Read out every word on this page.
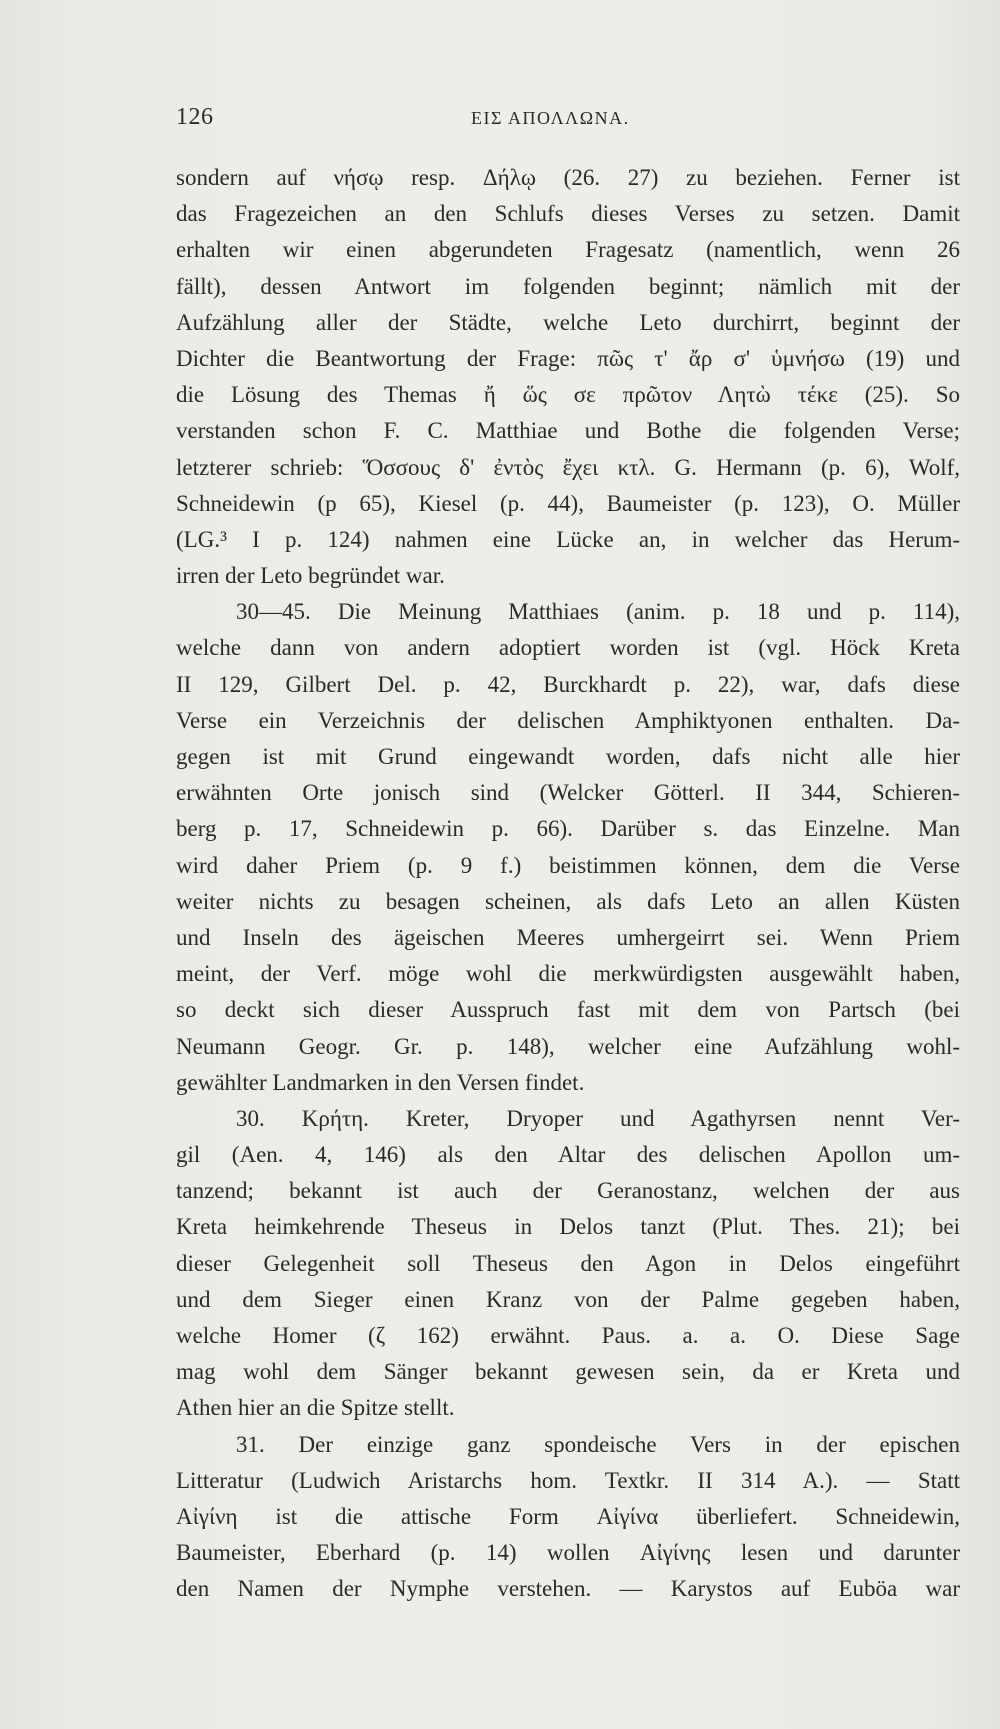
126	ΕΙΣ ΑΠΟΛΛΩΝΑ.
sondern auf νήσῳ resp. Δήλῳ (26. 27) zu beziehen. Ferner ist
das Fragezeichen an den Schlufs dieses Verses zu setzen. Damit
erhalten wir einen abgerundeten Fragesatz (namentlich, wenn 26
fällt), dessen Antwort im folgenden beginnt; nämlich mit der
Aufzählung aller der Städte, welche Leto durchirrt, beginnt der
Dichter die Beantwortung der Frage: πῶς τ' ἄρ σ' ὑμνήσω (19) und
die Lösung des Themas ἤ ὥς σε πρῶτον Λητὼ τέκε (25). So
verstanden schon F. C. Matthiae und Bothe die folgenden Verse;
letzterer schrieb: Ὅσσους δ' ἐντὸς ἔχει κτλ. G. Hermann (p. 6), Wolf,
Schneidewin (p 65), Kiesel (p. 44), Baumeister (p. 123), O. Müller
(LG.³ I p. 124) nahmen eine Lücke an, in welcher das Herum-
irren der Leto begründet war.
30—45. Die Meinung Matthiaes (anim. p. 18 und p. 114),
welche dann von andern adoptiert worden ist (vgl. Höck Kreta
II 129, Gilbert Del. p. 42, Burckhardt p. 22), war, dafs diese
Verse ein Verzeichnis der delischen Amphiktyonen enthalten. Da-
gegen ist mit Grund eingewandt worden, dafs nicht alle hier
erwähnten Orte jonisch sind (Welcker Götterl. II 344, Schieren-
berg p. 17, Schneidewin p. 66). Darüber s. das Einzelne. Man
wird daher Priem (p. 9 f.) beistimmen können, dem die Verse
weiter nichts zu besagen scheinen, als dafs Leto an allen Küsten
und Inseln des ägeischen Meeres umhergeirrt sei. Wenn Priem
meint, der Verf. möge wohl die merkwürdigsten ausgewählt haben,
so deckt sich dieser Ausspruch fast mit dem von Partsch (bei
Neumann Geogr. Gr. p. 148), welcher eine Aufzählung wohl-
gewählter Landmarken in den Versen findet.
30. Κρήτη. Kreter, Dryoper und Agathyrsen nennt Ver-
gil (Aen. 4, 146) als den Altar des delischen Apollon um-
tanzend; bekannt ist auch der Geranostanz, welchen der aus
Kreta heimkehrende Theseus in Delos tanzt (Plut. Thes. 21); bei
dieser Gelegenheit soll Theseus den Agon in Delos eingeführt
und dem Sieger einen Kranz von der Palme gegeben haben,
welche Homer (ζ 162) erwähnt. Paus. a. a. O. Diese Sage
mag wohl dem Sänger bekannt gewesen sein, da er Kreta und
Athen hier an die Spitze stellt.
31. Der einzige ganz spondeische Vers in der epischen
Litteratur (Ludwich Aristarchs hom. Textkr. II 314 A.). — Statt
Αἰγίνη ist die attische Form Αἰγίνα überliefert. Schneidewin,
Baumeister, Eberhard (p. 14) wollen Αἰγίνης lesen und darunter
den Namen der Nymphe verstehen. — Karystos auf Euböa war
